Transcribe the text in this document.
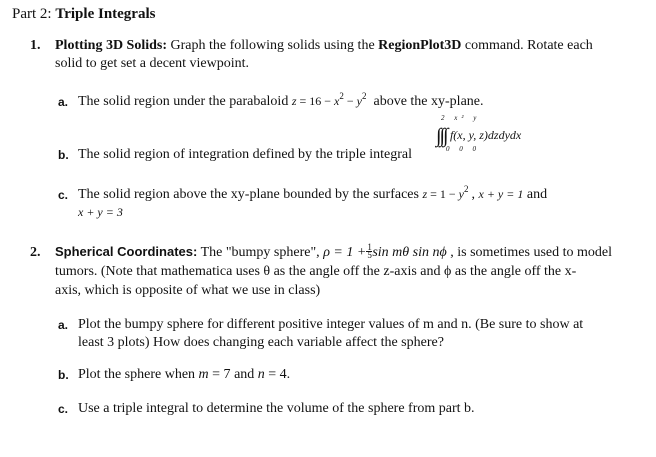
Part 2: Triple Integrals
1. Plotting 3D Solids: Graph the following solids using the RegionPlot3D command. Rotate each
solid to get set a decent viewpoint.
a. The solid region under the parabaloid $z = 16 - x^2 - y^2$ above the xy-plane.
2 x² y
∫∫∫ f(x, y, z)dzdydx
0 0 0
b. The solid region of integration defined by the triple integral
c. The solid region above the xy-plane bounded by the surfaces $z = 1 - y^2$ , x + y = 1 and
x + y = 3
2. Spherical Coordinates: The "bumpy sphere", ρ = 1 + 1
5 sin mθ sin nϕ , is sometimes used to model
tumors. (Note that mathematica uses θ as the angle off the z-axis and ϕ as the angle off the x-
axis, which is opposite of what we use in class)
a. Plot the bumpy sphere for different positive integer values of m and n. (Be sure to show at
least 3 plots) How does changing each variable affect the sphere?
b. Plot the sphere when m = 7 and n = 4.
c. Use a triple integral to determine the volume of the sphere from part b.
